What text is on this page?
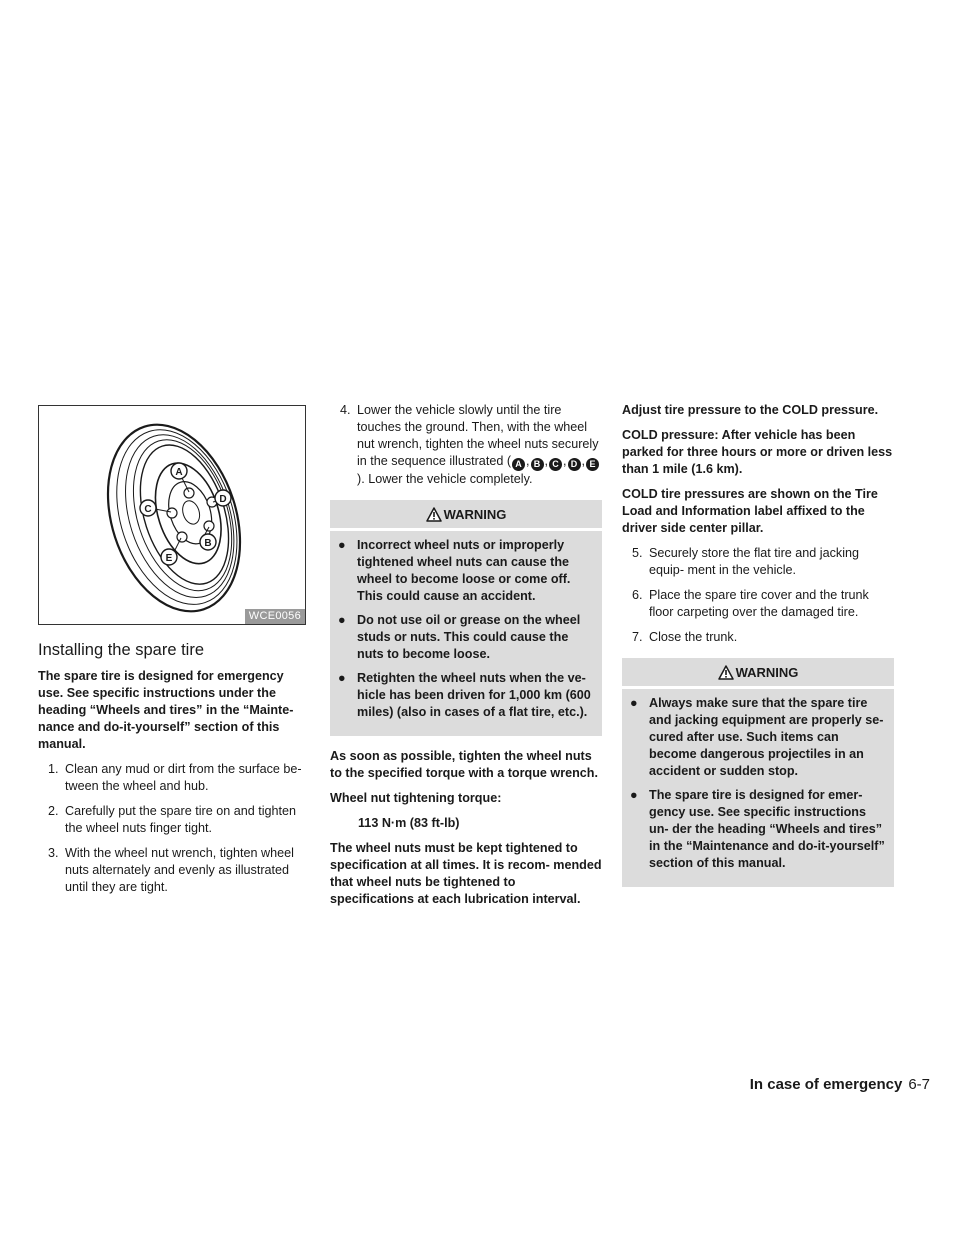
A
D
C
B
E
WCE0056
Installing the spare tire

The spare tire is designed for emergency use. See specific instructions under the heading “Wheels and tires” in the “Mainte- nance and do-it-yourself” section of this manual.

1. Clean any mud or dirt from the surface be- tween the wheel and hub.
2. Carefully put the spare tire on and tighten the wheel nuts finger tight.
3. With the wheel nut wrench, tighten wheel nuts alternately and evenly as illustrated until they are tight.
4. Lower the vehicle slowly until the tire touches the ground. Then, with the wheel nut wrench, tighten the wheel nuts securely in the sequence illustrated ( A , B , C , D , E). Lower the vehicle completely.
WARNING
● Incorrect wheel nuts or improperly tightened wheel nuts can cause the wheel to become loose or come off. This could cause an accident.
● Do not use oil or grease on the wheel studs or nuts. This could cause the nuts to become loose.
● Retighten the wheel nuts when the ve- hicle has been driven for 1,000 km (600 miles) (also in cases of a flat tire, etc.).

As soon as possible, tighten the wheel nuts to the specified torque with a torque wrench.

Wheel nut tightening torque:

113 N·m (83 ft-lb)

The wheel nuts must be kept tightened to specification at all times. It is recom- mended that wheel nuts be tightened to specifications at each lubrication interval.

Adjust tire pressure to the COLD pressure.

COLD pressure: After vehicle has been parked for three hours or more or driven less than 1 mile (1.6 km).

COLD tire pressures are shown on the Tire Load and Information label affixed to the driver side center pillar.

5. Securely store the flat tire and jacking equip- ment in the vehicle.
6. Place the spare tire cover and the trunk floor carpeting over the damaged tire.
7. Close the trunk.
WARNING
● Always make sure that the spare tire and jacking equipment are properly se- cured after use. Such items can become dangerous projectiles in an accident or sudden stop.
● The spare tire is designed for emer- gency use. See specific instructions un- der the heading “Wheels and tires” in the “Maintenance and do-it-yourself” section of this manual.
In case of emergency 6-7
